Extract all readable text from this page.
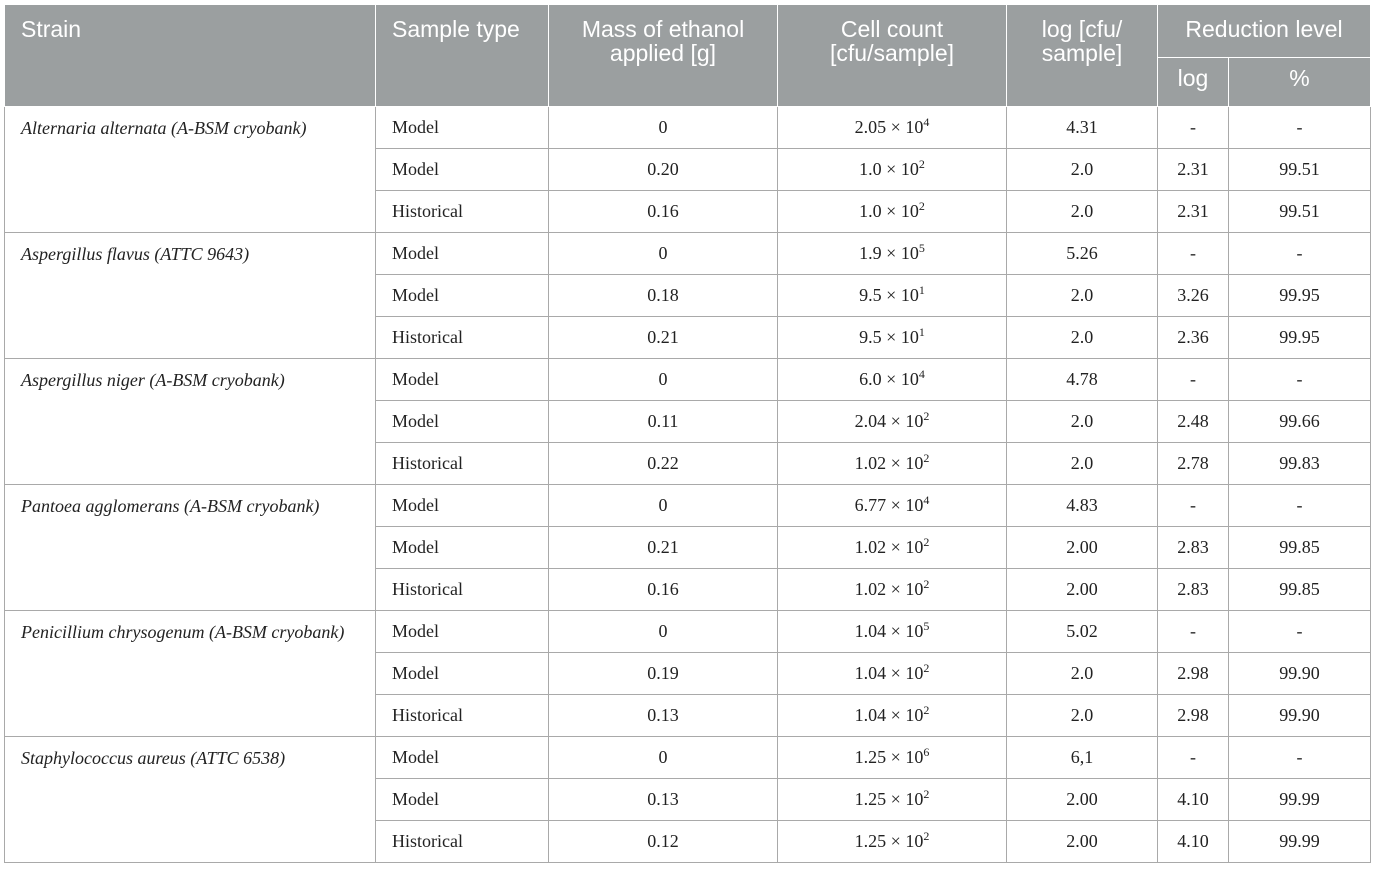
Strain	Sample type	Mass of ethanol applied [g]	Cell count [cfu/sample]	log [cfu/ sample]	Reduction level	
					log	%
Alternaria alternata (A-BSM cryobank)	Model	0	$2.05 \times 10^4$	4.31	-	-
	Model	0.20	$1.0 \times 10^2$	2.0	2.31	99.51
	Historical	0.16	$1.0 \times 10^2$	2.0	2.31	99.51
Aspergillus flavus (ATTC 9643)	Model	0	$1.9 \times 10^5$	5.26	-	-
	Model	0.18	$9.5 \times 10^1$	2.0	3.26	99.95
	Historical	0.21	$9.5 \times 10^1$	2.0	2.36	99.95
Aspergillus niger (A-BSM cryobank)	Model	0	$6.0 \times 10^4$	4.78	-	-
	Model	0.11	$2.04 \times 10^2$	2.0	2.48	99.66
	Historical	0.22	$1.02 \times 10^2$	2.0	2.78	99.83
Pantoea agglomerans (A-BSM cryobank)	Model	0	$6.77 \times 10^4$	4.83	-	-
	Model	0.21	$1.02 \times 10^2$	2.00	2.83	99.85
	Historical	0.16	$1.02 \times 10^2$	2.00	2.83	99.85
Penicillium chrysogenum (A-BSM cryobank)	Model	0	$1.04 \times 10^5$	5.02	-	-
	Model	0.19	$1.04 \times 10^2$	2.0	2.98	99.90
	Historical	0.13	$1.04 \times 10^2$	2.0	2.98	99.90
Staphylococcus aureus (ATTC 6538)	Model	0	$1.25 \times 10^6$	6,1	-	-
	Model	0.13	$1.25 \times 10^2$	2.00	4.10	99.99
	Historical	0.12	$1.25 \times 10^2$	2.00	4.10	99.99
